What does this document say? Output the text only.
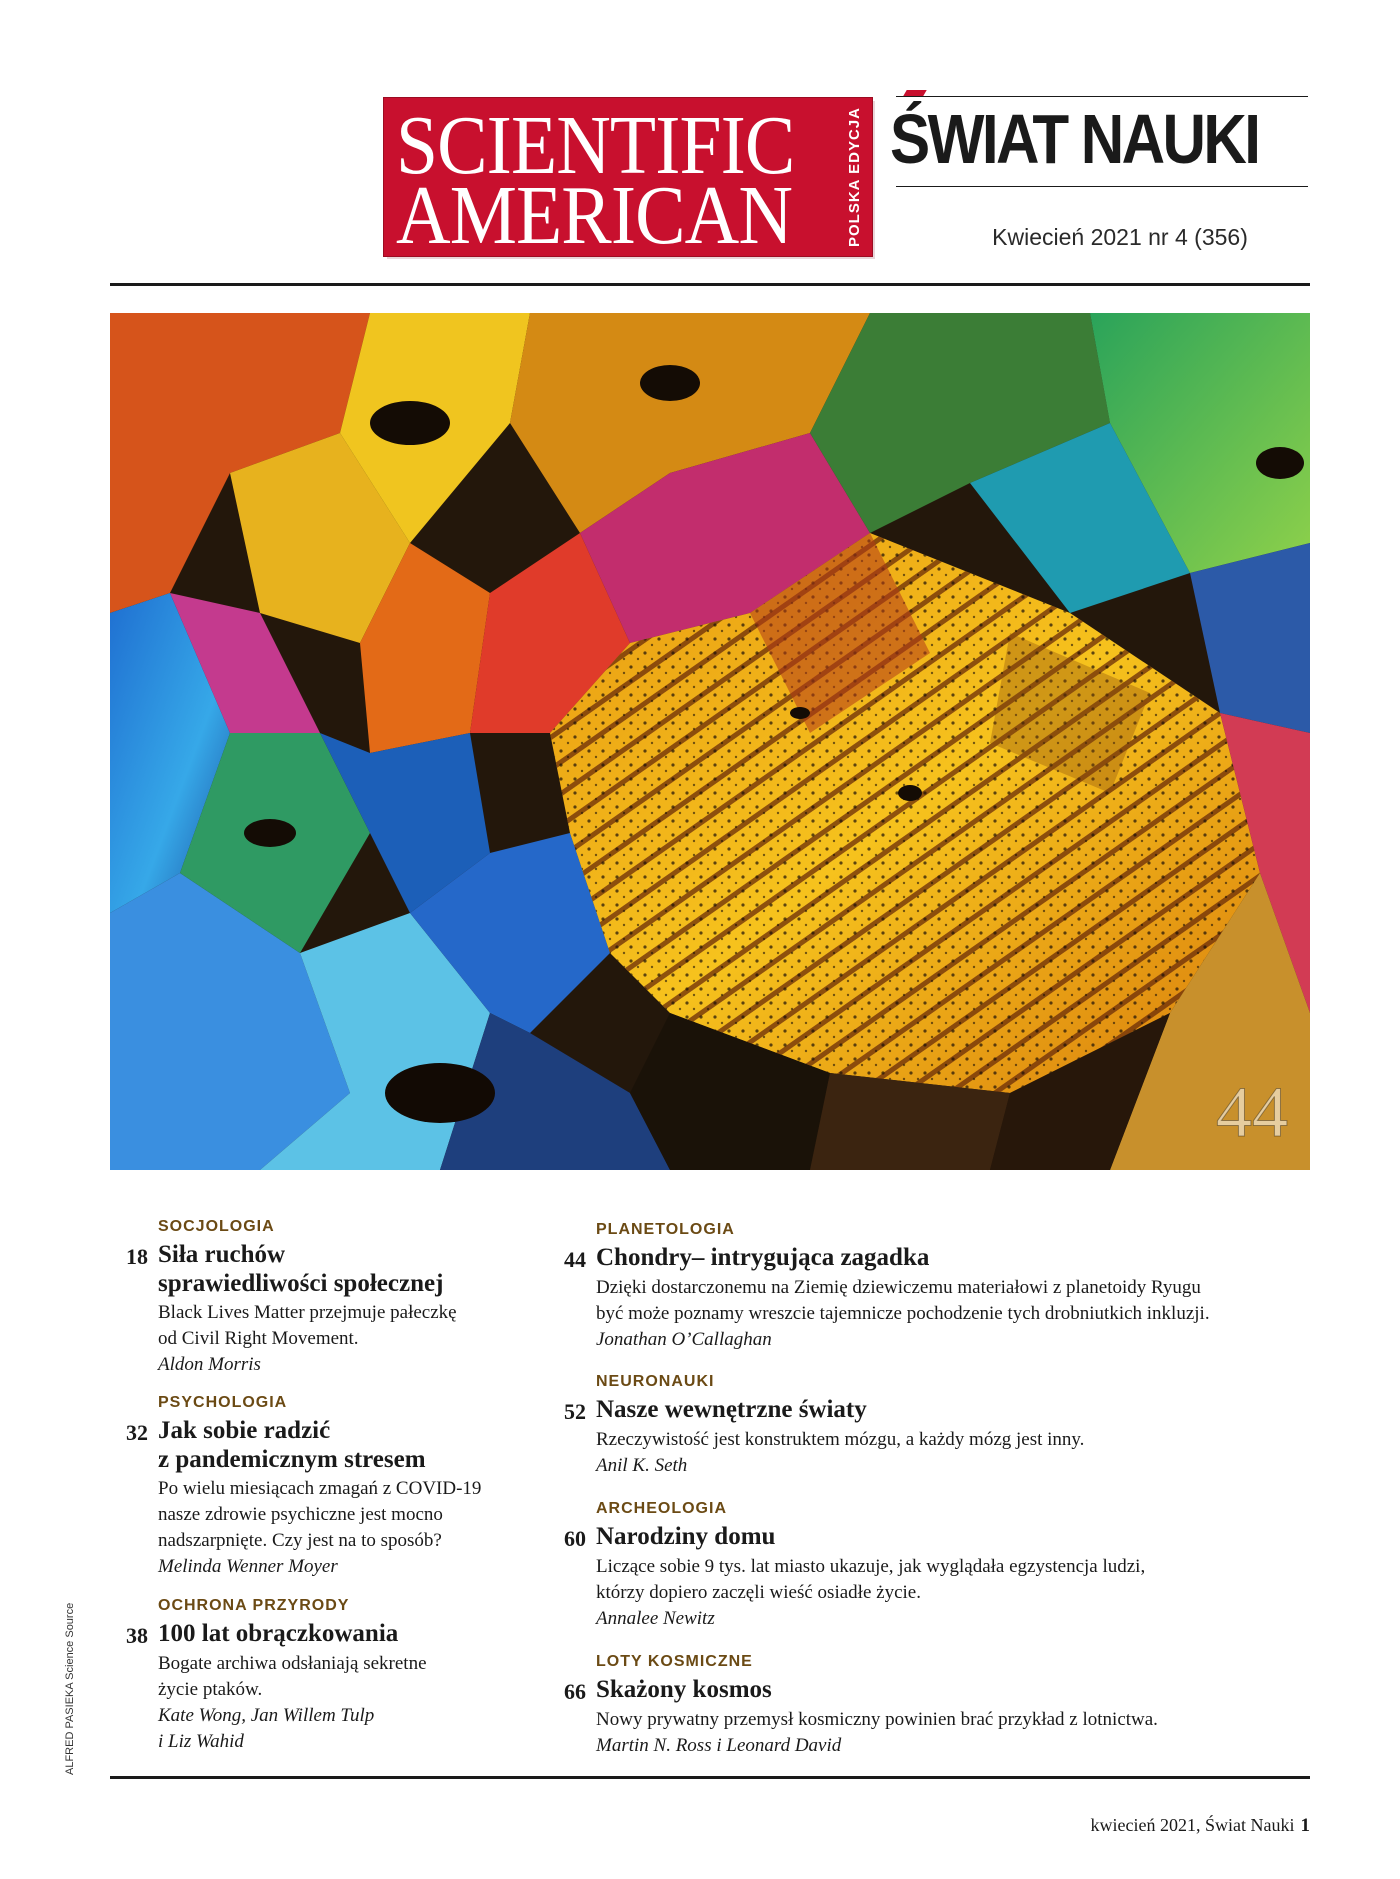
SCIENTIFIC
AMERICAN	POLSKA EDYCJA ŚWIAT NAUKI
Kwiecień 2021 nr 4 (356)
44
SOCJOLOGIA
18 Siła ruchów
sprawiedliwości społecznej
Black Lives Matter przejmuje pałeczkę
od Civil Right Movement.
Aldon Morris
PSYCHOLOGIA
32 Jak sobie radzić
z pandemicznym stresem
Po wielu miesiącach zmagań z COVID-19
nasze zdrowie psychiczne jest mocno
nadszarpnięte. Czy jest na to sposób?
Melinda Wenner Moyer
OCHRONA PRZYRODY
38 100 lat obrączkowania
Bogate archiwa odsłaniają sekretne
życie ptaków.
Kate Wong, Jan Willem Tulp
i Liz Wahid
PLANETOLOGIA
44 Chondry– intrygująca zagadka
Dzięki dostarczonemu na Ziemię dziewiczemu materiałowi z planetoidy Ryugu
być może poznamy wreszcie tajemnicze pochodzenie tych drobniutkich inkluzji.
Jonathan O’Callaghan
NEURONAUKI
52 Nasze wewnętrzne światy
Rzeczywistość jest konstruktem mózgu, a każdy mózg jest inny.
Anil K. Seth
ARCHEOLOGIA
60 Narodziny domu
Liczące sobie 9 tys. lat miasto ukazuje, jak wyglądała egzystencja ludzi,
którzy dopiero zaczęli wieść osiadłe życie.
Annalee Newitz
LOTY KOSMICZNE
66 Skażony kosmos
Nowy prywatny przemysł kosmiczny powinien brać przykład z lotnictwa.
Martin N. Ross i Leonard David
ALFRED PASIEKA Science Source
kwiecień 2021, Świat Nauki 1
